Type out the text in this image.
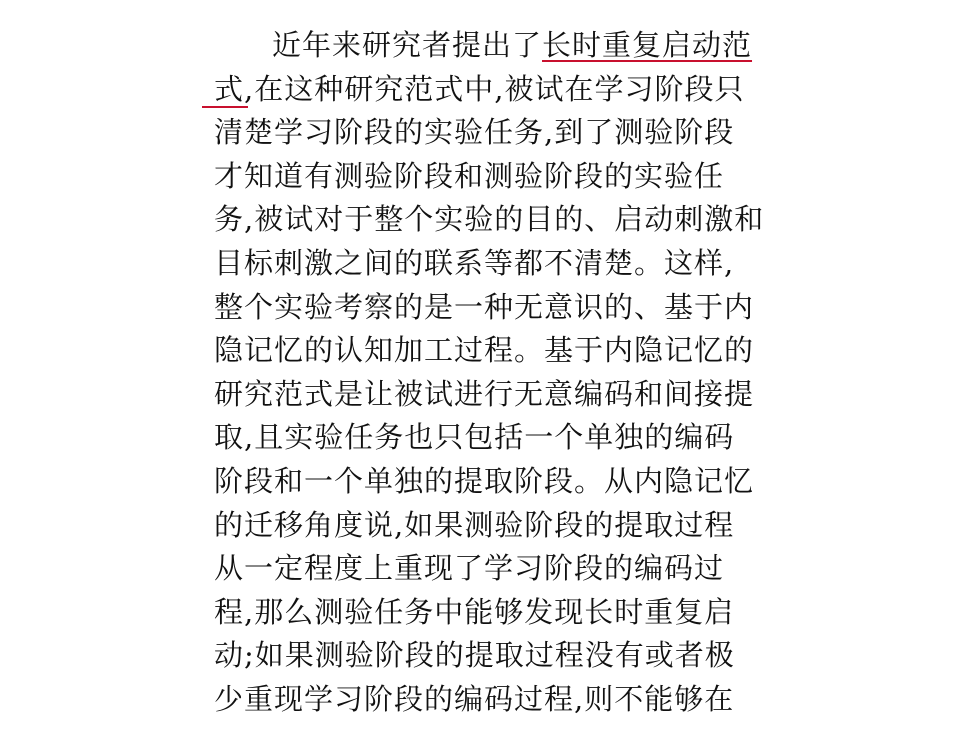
近年来研究者提出了长时重复启动范
式,在这种研究范式中,被试在学习阶段只
清楚学习阶段的实验任务,到了测验阶段
才知道有测验阶段和测验阶段的实验任
务,被试对于整个实验的目的、启动刺激和
目标刺激之间的联系等都不清楚。这样,
整个实验考察的是一种无意识的、基于内
隐记忆的认知加工过程。基于内隐记忆的
研究范式是让被试进行无意编码和间接提
取,且实验任务也只包括一个单独的编码
阶段和一个单独的提取阶段。从内隐记忆
的迁移角度说,如果测验阶段的提取过程
从一定程度上重现了学习阶段的编码过
程,那么测验任务中能够发现长时重复启
动;如果测验阶段的提取过程没有或者极
少重现学习阶段的编码过程,则不能够在
